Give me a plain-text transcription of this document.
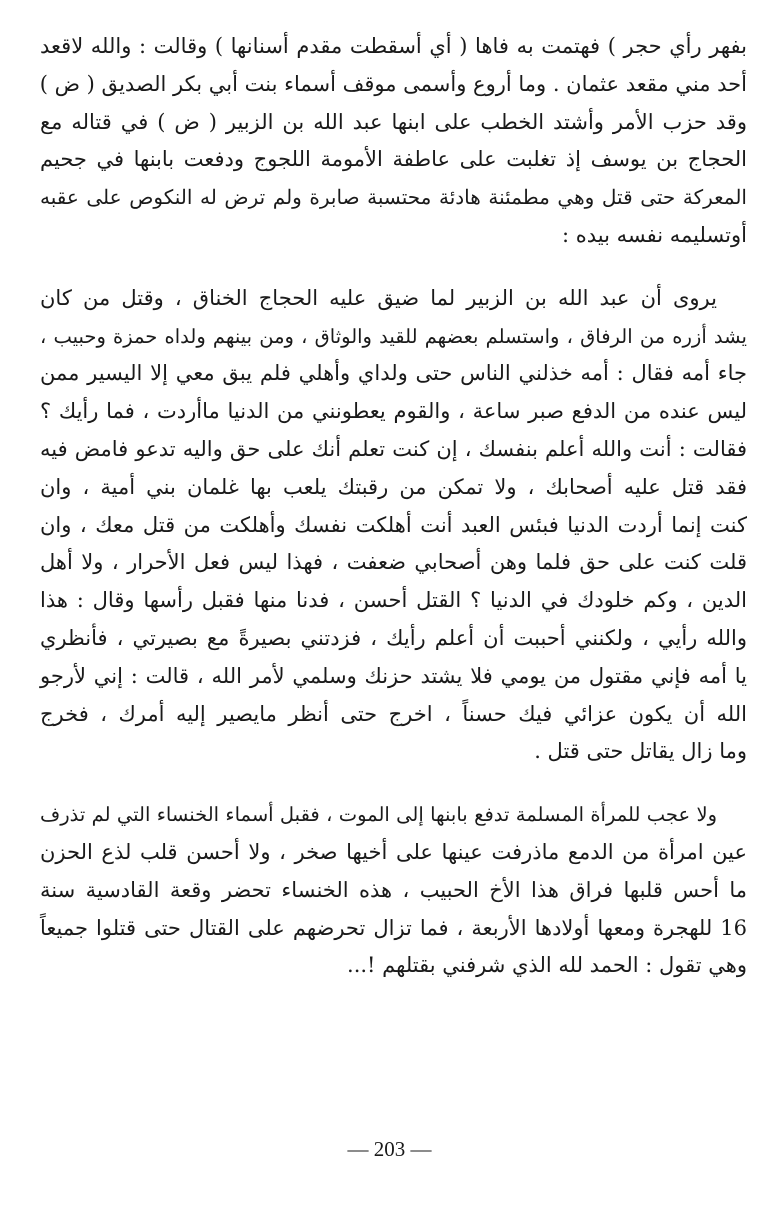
بفهر رأي حجر ) فهتمت به فاها ( أي أسقطت مقدم أسنانها ) وقالت : والله لاقعد
أحد مني مقعد عثمان . وما أروع وأسمى موقف أسماء بنت أبي بكر الصديق ( ض )
وقد حزب الأمر وأشتد الخطب على ابنها عبد الله بن الزبير ( ض ) في قتاله مع
الحجاج بن يوسف إذ تغلبت على عاطفة الأمومة اللجوج ودفعت بابنها في جحيم
المعركة حتى قتل وهي مطمئنة هادئة محتسبة صابرة ولم ترض له النكوص على عقبه
أوتسليمه نفسه بيده :

يروى أن عبد الله بن الزبير لما ضيق عليه الحجاج الخناق ، وقتل من كان
يشد أزره من الرفاق ، واستسلم بعضهم للقيد والوثاق ، ومن بينهم ولداه حمزة وحبيب ،
جاء أمه فقال : أمه خذلني الناس حتى ولداي وأهلي فلم يبق معي إلا اليسير ممن
ليس عنده من الدفع صبر ساعة ، والقوم يعطونني من الدنيا ماأردت ، فما رأيك ؟
فقالت : أنت والله أعلم بنفسك ، إن كنت تعلم أنك على حق واليه تدعو فامض فيه
فقد قتل عليه أصحابك ، ولا تمكن من رقبتك يلعب بها غلمان بني أمية ، وان
كنت إنما أردت الدنيا فبئس العبد أنت أهلكت نفسك وأهلكت من قتل معك ، وان
قلت كنت على حق فلما وهن أصحابي ضعفت ، فهذا ليس فعل الأحرار ، ولا أهل
الدين ، وكم خلودك في الدنيا ؟ القتل أحسن ، فدنا منها فقبل رأسها وقال : هذا
والله رأيي ، ولكنني أحببت أن أعلم رأيك ، فزدتني بصيرةً مع بصيرتي ، فأنظري
يا أمه فإني مقتول من يومي فلا يشتد حزنك وسلمي لأمر الله ، قالت : إني لأرجو
الله أن يكون عزائي فيك حسناً ، اخرج حتى أنظر مايصير إليه أمرك ، فخرج
وما زال يقاتل حتى قتل .

ولا عجب للمرأة المسلمة تدفع بابنها إلى الموت ، فقبل أسماء الخنساء التي لم تذرف
عين امرأة من الدمع ماذرفت عينها على أخيها صخر ، ولا أحسن قلب لذع الحزن
ما أحس قلبها فراق هذا الأخ الحبيب ، هذه الخنساء تحضر وقعة القادسية سنة
16 للهجرة ومعها أولادها الأربعة ، فما تزال تحرضهم على القتال حتى قتلوا جميعاً
وهي تقول : الحمد لله الذي شرفني بقتلهم !...

— 203 —
